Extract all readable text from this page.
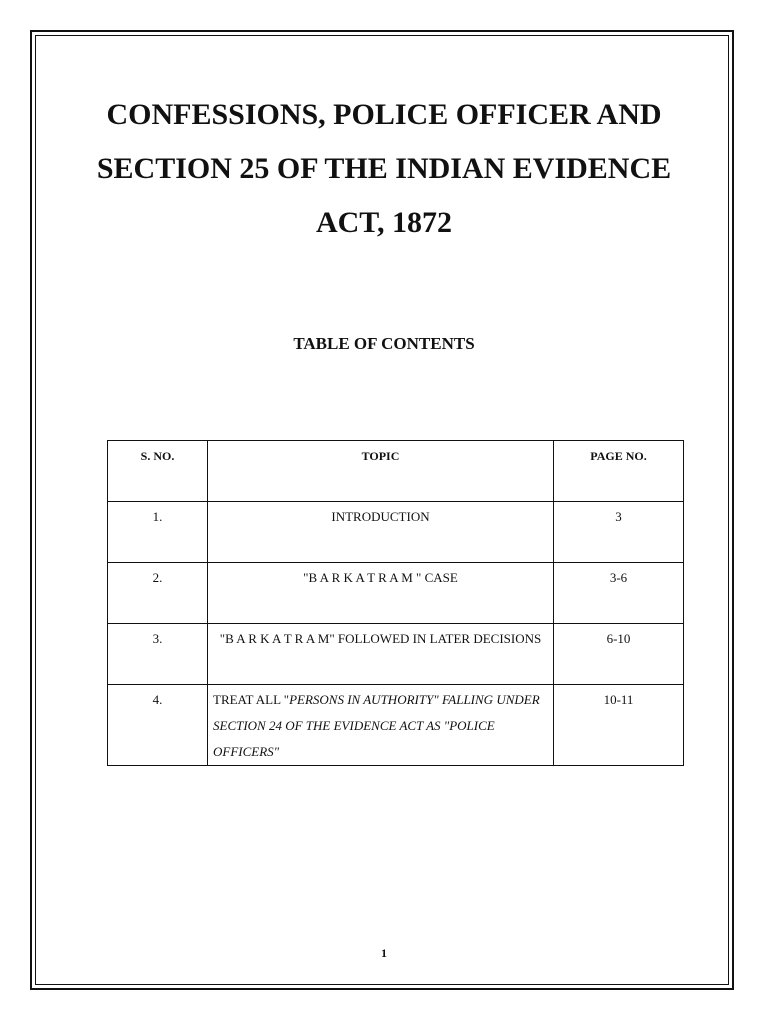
CONFESSIONS, POLICE OFFICER AND
SECTION 25 OF THE INDIAN EVIDENCE
ACT, 1872
TABLE OF CONTENTS
S. NO.	TOPIC	PAGE NO.
1.	INTRODUCTION	3
2.	"B A R K A T R A M " CASE	3-6
3.	"B A R K A T R A M" FOLLOWED IN LATER DECISIONS	6-10
4.	TREAT ALL "PERSONS IN AUTHORITY" FALLING UNDER SECTION 24 OF THE EVIDENCE ACT AS "POLICE OFFICERS"	10-11

1
